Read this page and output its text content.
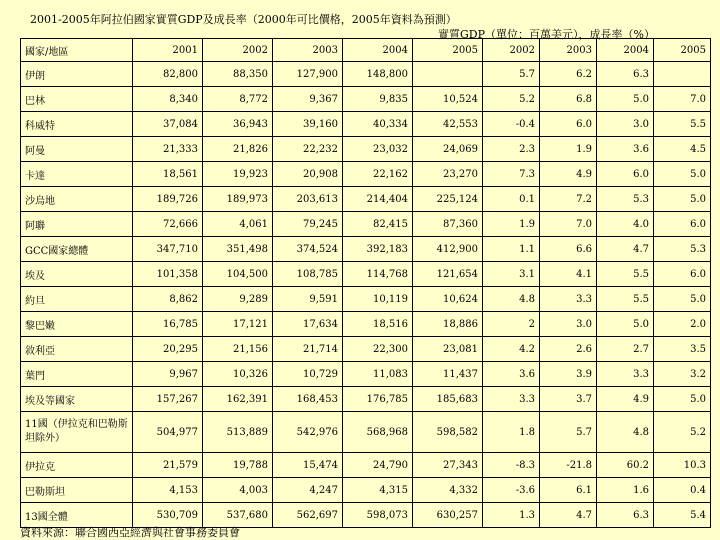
2001-2005年阿拉伯國家實質GDP及成長率（2000年可比價格，2005年資料為預測）
實質GDP（單位：百萬美元），成長率（%）
國家/地區	2001	2002	2003	2004	2005	2002	2003	2004	2005
伊朗	82,800	88,350	127,900	148,800		5.7	6.2	6.3	
巴林	8,340	8,772	9,367	9,835	10,524	5.2	6.8	5.0	7.0
科威特	37,084	36,943	39,160	40,334	42,553	-0.4	6.0	3.0	5.5
阿曼	21,333	21,826	22,232	23,032	24,069	2.3	1.9	3.6	4.5
卡達	18,561	19,923	20,908	22,162	23,270	7.3	4.9	6.0	5.0
沙烏地	189,726	189,973	203,613	214,404	225,124	0.1	7.2	5.3	5.0
阿聯	72,666	4,061	79,245	82,415	87,360	1.9	7.0	4.0	6.0
GCC國家總體	347,710	351,498	374,524	392,183	412,900	1.1	6.6	4.7	5.3
埃及	101,358	104,500	108,785	114,768	121,654	3.1	4.1	5.5	6.0
約旦	8,862	9,289	9,591	10,119	10,624	4.8	3.3	5.5	5.0
黎巴嫩	16,785	17,121	17,634	18,516	18,886	2	3.0	5.0	2.0
敘利亞	20,295	21,156	21,714	22,300	23,081	4.2	2.6	2.7	3.5
葉門	9,967	10,326	10,729	11,083	11,437	3.6	3.9	3.3	3.2
埃及等國家	157,267	162,391	168,453	176,785	185,683	3.3	3.7	4.9	5.0
11國（伊拉克和巴勒斯坦除外）	504,977	513,889	542,976	568,968	598,582	1.8	5.7	4.8	5.2
伊拉克	21,579	19,788	15,474	24,790	27,343	-8.3	-21.8	60.2	10.3
巴勒斯坦	4,153	4,003	4,247	4,315	4,332	-3.6	6.1	1.6	0.4
13國全體	530,709	537,680	562,697	598,073	630,257	1.3	4.7	6.3	5.4
資料來源：聯合國西亞經濟與社會事務委員會
